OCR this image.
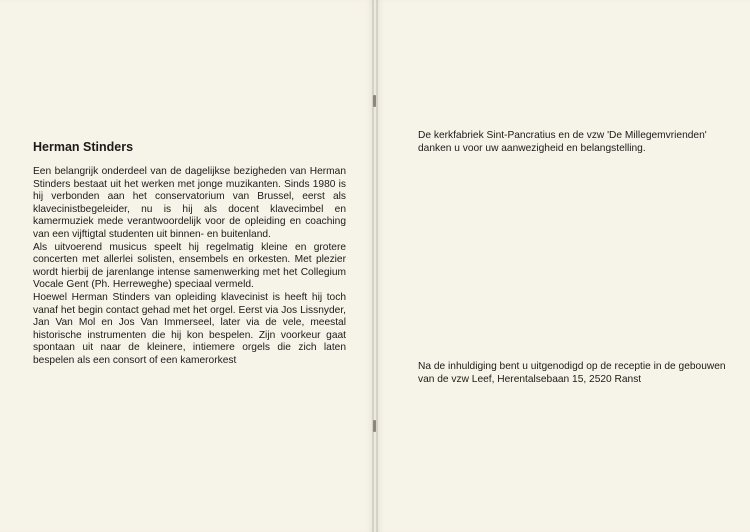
Herman Stinders

Een belangrijk onderdeel van de dagelijkse bezigheden van Herman Stinders bestaat uit het werken met jonge muzikanten. Sinds 1980 is hij verbonden aan het conservatorium van Brussel, eerst als klavecinistbegeleider, nu is hij als docent klavecimbel en kamermuziek mede verantwoordelijk voor de opleiding en coaching van een vijftigtal studenten uit binnen- en buitenland.

Als uitvoerend musicus speelt hij regelmatig kleine en grotere concerten met allerlei solisten, ensembels en orkesten. Met plezier wordt hierbij de jarenlange intense samenwerking met het Collegium Vocale Gent (Ph. Herreweghe) speciaal vermeld.

Hoewel Herman Stinders van opleiding klavecinist is heeft hij toch vanaf het begin contact gehad met het orgel. Eerst via Jos Lissnyder, Jan Van Mol en Jos Van Immerseel, later via de vele, meestal historische instrumenten die hij kon bespelen. Zijn voorkeur gaat spontaan uit naar de kleinere, intiemere orgels die zich laten bespelen als een consort of een kamerorkest

De kerkfabriek Sint-Pancratius en de vzw 'De Millegemvrienden' danken u voor uw aanwezigheid en belangstelling.

Na de inhuldiging bent u uitgenodigd op de receptie in de gebouwen van de vzw Leef, Herentalsebaan 15, 2520 Ranst
